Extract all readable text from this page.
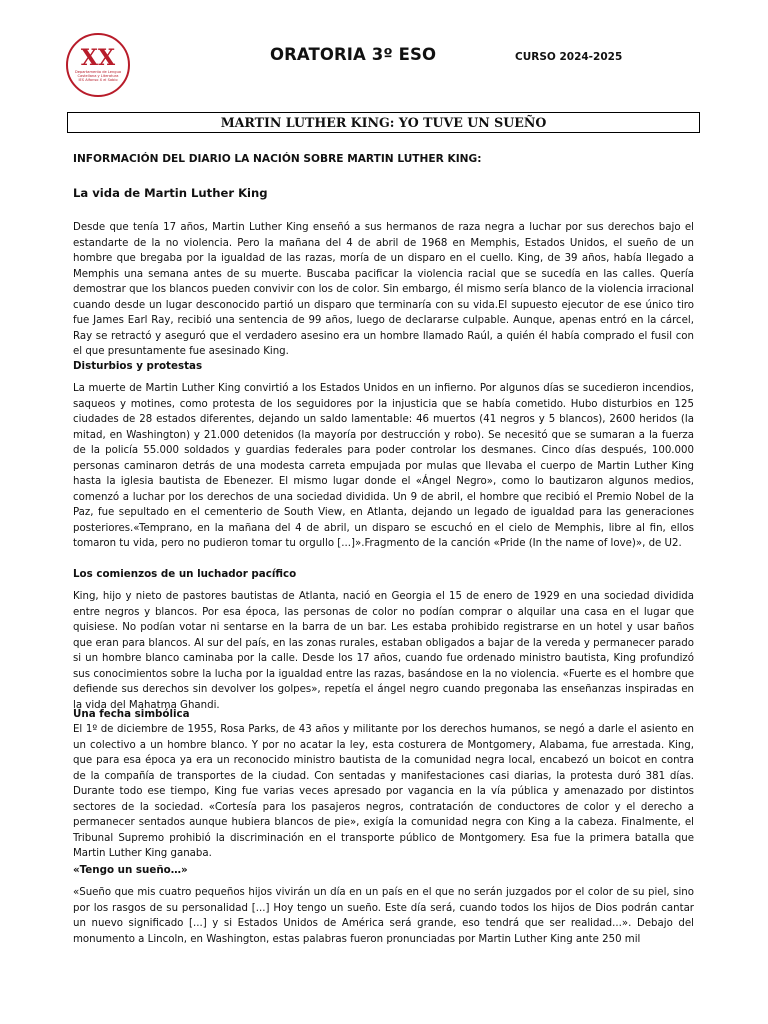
XX
Departamento de Lengua
Castellana y Literatura
IES Alfonso X el Sabio
ORATORIA 3º ESO	CURSO 2024-2025
MARTIN LUTHER KING: YO TUVE UN SUEÑO
INFORMACIÓN DEL DIARIO LA NACIÓN SOBRE MARTIN LUTHER KING:
La vida de Martin Luther King

Desde que tenía 17 años, Martin Luther King enseñó a sus hermanos de raza negra a luchar por sus derechos bajo el estandarte de la no violencia. Pero la mañana del 4 de abril de 1968 en Memphis, Estados Unidos, el sueño de un hombre que bregaba por la igualdad de las razas, moría de un disparo en el cuello. King, de 39 años, había llegado a Memphis una semana antes de su muerte. Buscaba pacificar la violencia racial que se sucedía en las calles. Quería demostrar que los blancos pueden convivir con los de color. Sin embargo, él mismo sería blanco de la violencia irracional cuando desde un lugar desconocido partió un disparo que terminaría con su vida.El supuesto ejecutor de ese único tiro fue James Earl Ray, recibió una sentencia de 99 años, luego de declararse culpable. Aunque, apenas entró en la cárcel, Ray se retractó y aseguró que el verdadero asesino era un hombre llamado Raúl, a quién él había comprado el fusil con el que presuntamente fue asesinado King.

Disturbios y protestas

La muerte de Martin Luther King convirtió a los Estados Unidos en un infierno. Por algunos días se sucedieron incendios, saqueos y motines, como protesta de los seguidores por la injusticia que se había cometido. Hubo disturbios en 125 ciudades de 28 estados diferentes, dejando un saldo lamentable: 46 muertos (41 negros y 5 blancos), 2600 heridos (la mitad, en Washington) y 21.000 detenidos (la mayoría por destrucción y robo). Se necesitó que se sumaran a la fuerza de la policía 55.000 soldados y guardias federales para poder controlar los desmanes. Cinco días después, 100.000 personas caminaron detrás de una modesta carreta empujada por mulas que llevaba el cuerpo de Martin Luther King hasta la iglesia bautista de Ebenezer. El mismo lugar donde el «Ángel Negro», como lo bautizaron algunos medios, comenzó a luchar por los derechos de una sociedad dividida. Un 9 de abril, el hombre que recibió el Premio Nobel de la Paz, fue sepultado en el cementerio de South View, en Atlanta, dejando un legado de igualdad para las generaciones posteriores.«Temprano, en la mañana del 4 de abril, un disparo se escuchó en el cielo de Memphis, libre al fin, ellos tomaron tu vida, pero no pudieron tomar tu orgullo [...]».Fragmento de la canción «Pride (In the name of love)», de U2.

Los comienzos de un luchador pacífico

King, hijo y nieto de pastores bautistas de Atlanta, nació en Georgia el 15 de enero de 1929 en una sociedad dividida entre negros y blancos. Por esa época, las personas de color no podían comprar o alquilar una casa en el lugar que quisiese. No podían votar ni sentarse en la barra de un bar. Les estaba prohibido registrarse en un hotel y usar baños que eran para blancos. Al sur del país, en las zonas rurales, estaban obligados a bajar de la vereda y permanecer parado si un hombre blanco caminaba por la calle. Desde los 17 años, cuando fue ordenado ministro bautista, King profundizó sus conocimientos sobre la lucha por la igualdad entre las razas, basándose en la no violencia. «Fuerte es el hombre que defiende sus derechos sin devolver los golpes», repetía el ángel negro cuando pregonaba las enseñanzas inspiradas en la vida del Mahatma Ghandi.

Una fecha simbólica

El 1º de diciembre de 1955, Rosa Parks, de 43 años y militante por los derechos humanos, se negó a darle el asiento en un colectivo a un hombre blanco. Y por no acatar la ley, esta costurera de Montgomery, Alabama, fue arrestada. King, que para esa época ya era un reconocido ministro bautista de la comunidad negra local, encabezó un boicot en contra de la compañía de transportes de la ciudad. Con sentadas y manifestaciones casi diarias, la protesta duró 381 días. Durante todo ese tiempo, King fue varias veces apresado por vagancia en la vía pública y amenazado por distintos sectores de la sociedad. «Cortesía para los pasajeros negros, contratación de conductores de color y el derecho a permanecer sentados aunque hubiera blancos de pie», exigía la comunidad negra con King a la cabeza. Finalmente, el Tribunal Supremo prohibió la discriminación en el transporte público de Montgomery. Esa fue la primera batalla que Martin Luther King ganaba.

«Tengo un sueño…»

«Sueño que mis cuatro pequeños hijos vivirán un día en un país en el que no serán juzgados por el color de su piel, sino por los rasgos de su personalidad [...] Hoy tengo un sueño. Este día será, cuando todos los hijos de Dios podrán cantar un nuevo significado [...] y si Estados Unidos de América será grande, eso tendrá que ser realidad...». Debajo del monumento a Lincoln, en Washington, estas palabras fueron pronunciadas por Martin Luther King ante 250 mil
